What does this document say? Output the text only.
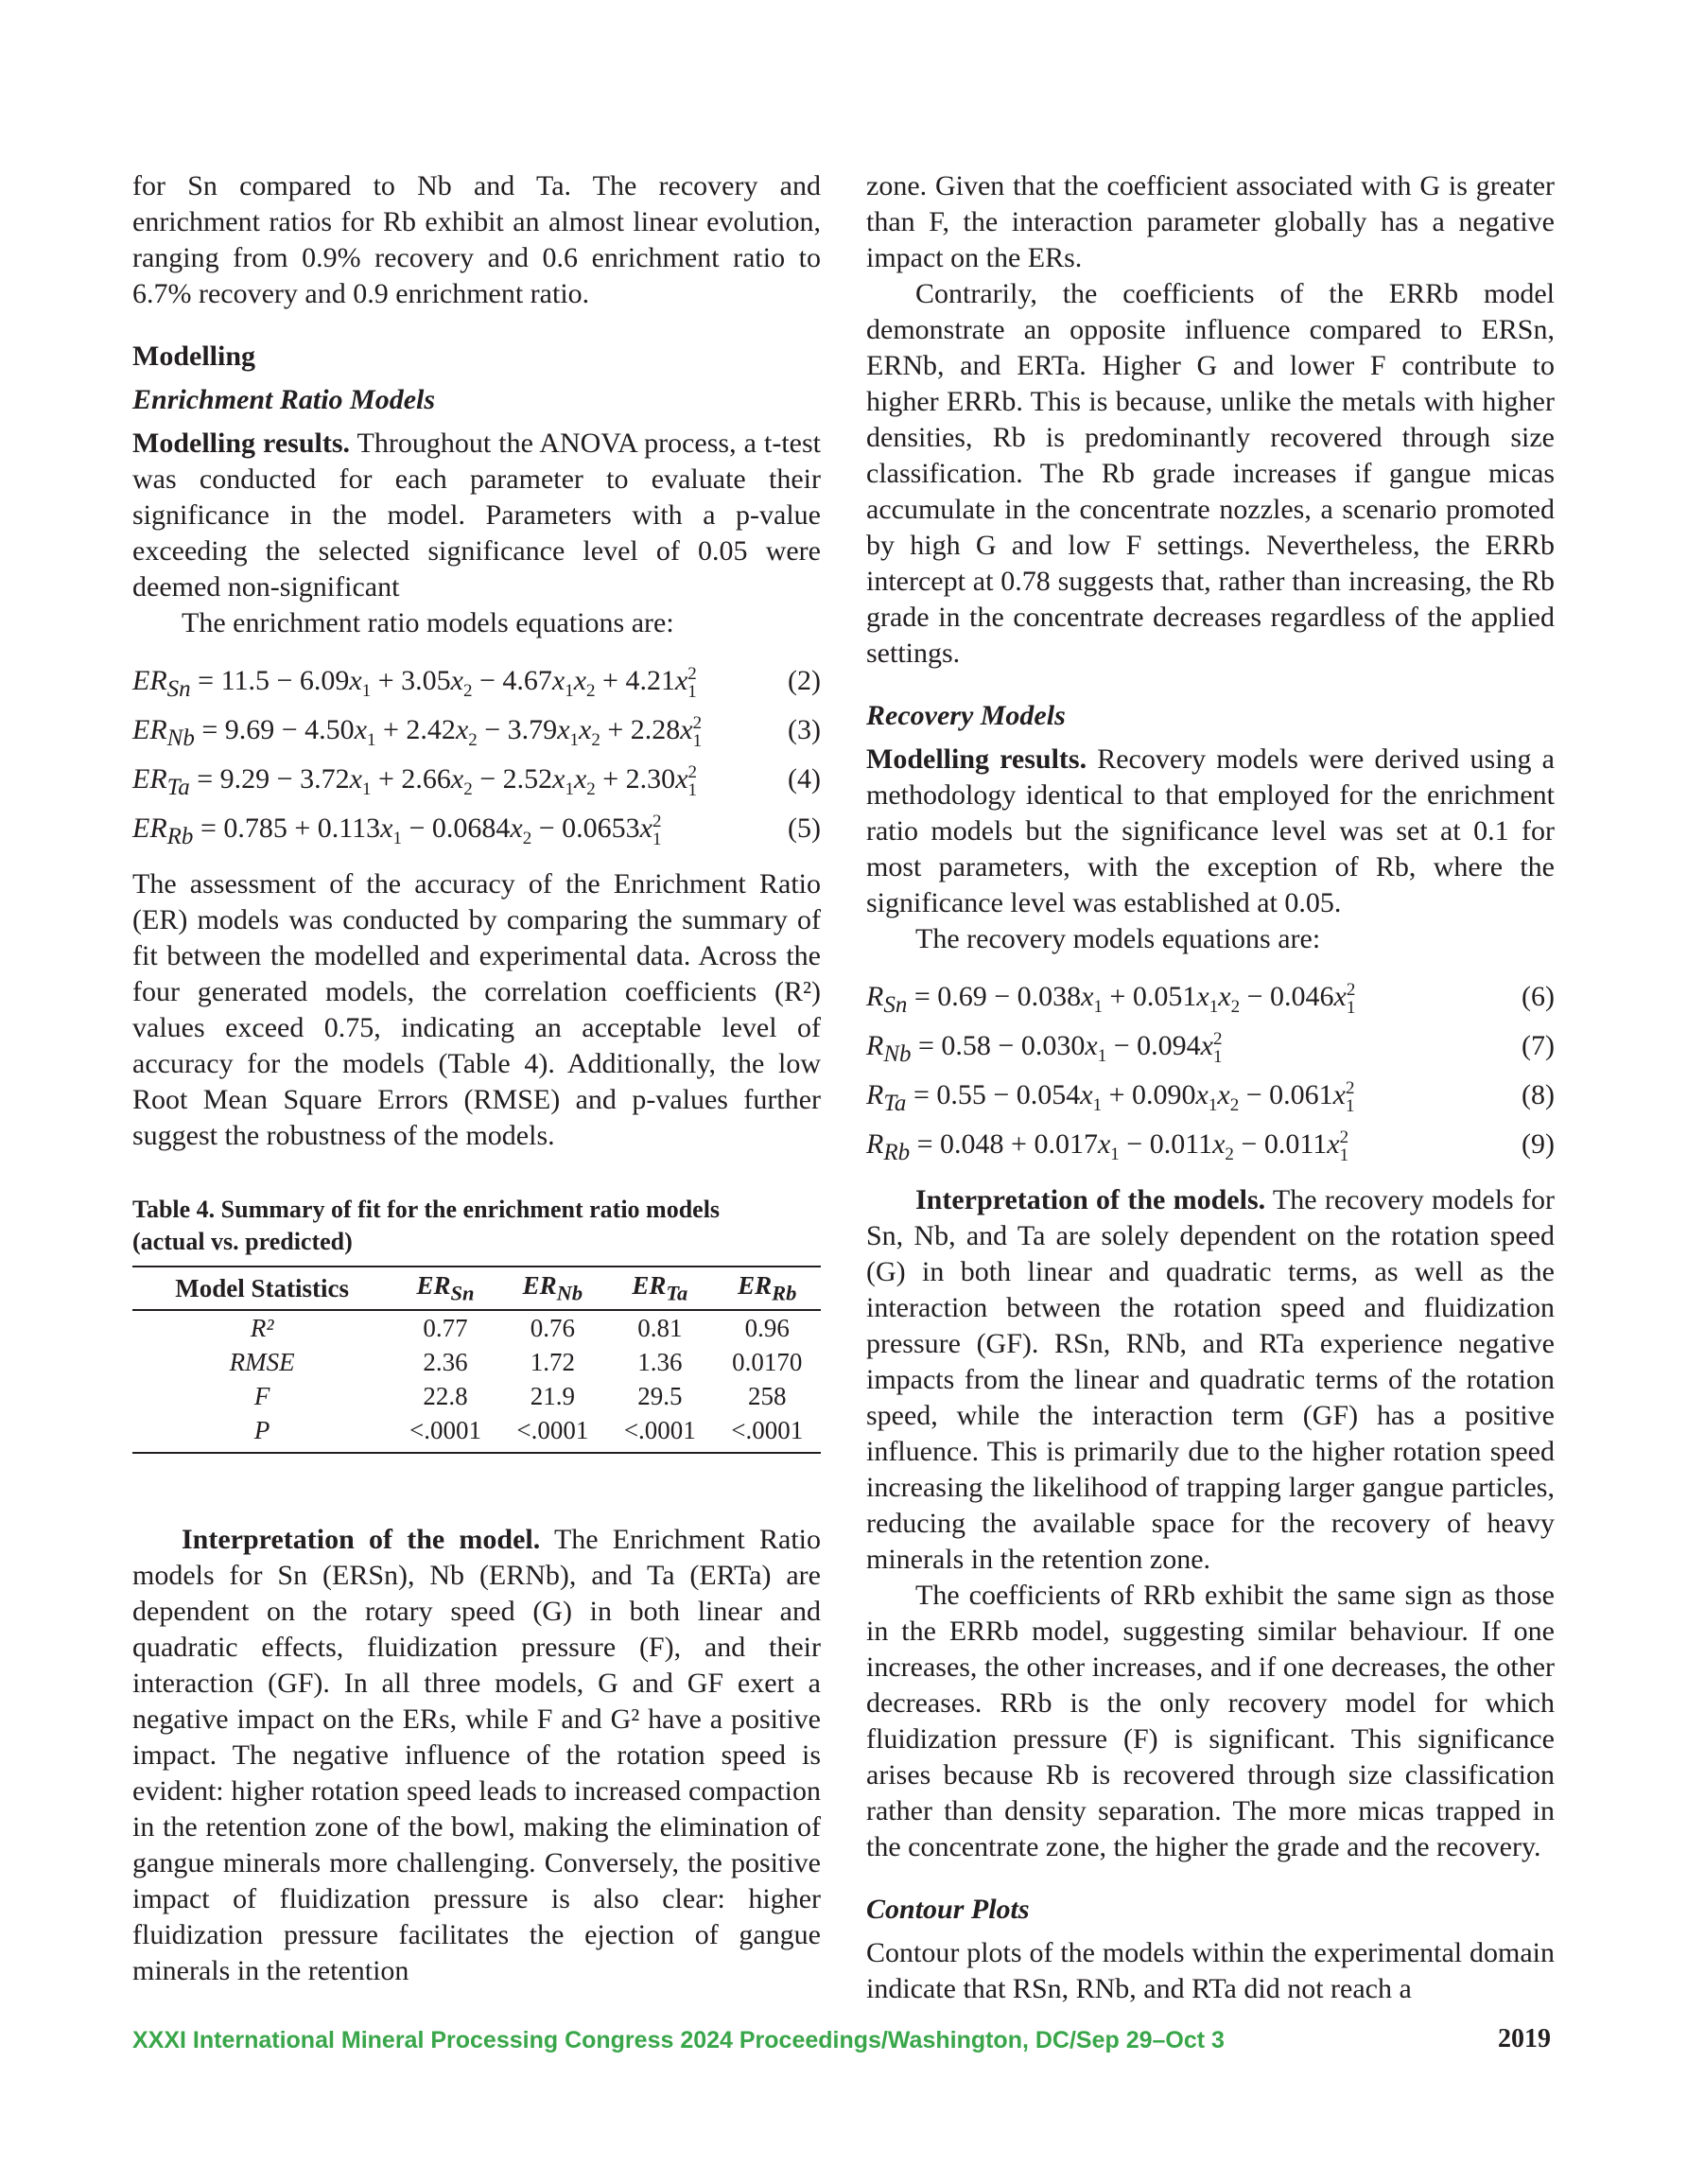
for Sn compared to Nb and Ta. The recovery and enrichment ratios for Rb exhibit an almost linear evolution, ranging from 0.9% recovery and 0.6 enrichment ratio to 6.7% recovery and 0.9 enrichment ratio.

Modelling
Enrichment Ratio Models

Modelling results. Throughout the ANOVA process, a t-test was conducted for each parameter to evaluate their significance in the model. Parameters with a p-value exceeding the selected significance level of 0.05 were deemed non-significant

The enrichment ratio models equations are:

$ER_{Sn} = 11.5 - 6.09x_1 + 3.05x_2 - 4.67x_1x_2 + 4.21x$ 2
1	(2)
$ER_{Nb} = 9.69 - 4.50x_1 + 2.42x_2 - 3.79x_1x_2 + 2.28x$ 2
1	(3)
$ER_{Ta} = 9.29 - 3.72x_1 + 2.66x_2 - 2.52x_1x_2 + 2.30x$ 2
1	(4)
$ER_{Rb} = 0.785 + 0.113x_1 - 0.0684x_2 - 0.0653x$ 2
1	(5)

The assessment of the accuracy of the Enrichment Ratio (ER) models was conducted by comparing the summary of fit between the modelled and experimental data. Across the four generated models, the correlation coefficients (R²) values exceed 0.75, indicating an acceptable level of accuracy for the models (Table 4). Additionally, the low Root Mean Square Errors (RMSE) and p-values further suggest the robustness of the models.

Table 4. Summary of fit for the enrichment ratio models
(actual vs. predicted)
Model Statistics	$ER_{Sn}$	$ER_{Nb}$	$ER_{Ta}$	$ER_{Rb}$
R²	0.77	0.76	0.81	0.96
RMSE	2.36	1.72	1.36	0.0170
F	22.8	21.9	29.5	258
P	<.0001	<.0001	<.0001	<.0001

Interpretation of the model. The Enrichment Ratio models for Sn (ERSn), Nb (ERNb), and Ta (ERTa) are dependent on the rotary speed (G) in both linear and quadratic effects, fluidization pressure (F), and their interaction (GF). In all three models, G and GF exert a negative impact on the ERs, while F and G² have a positive impact. The negative influence of the rotation speed is evident: higher rotation speed leads to increased compaction in the retention zone of the bowl, making the elimination of gangue minerals more challenging. Conversely, the positive impact of fluidization pressure is also clear: higher fluidization pressure facilitates the ejection of gangue minerals in the retention

zone. Given that the coefficient associated with G is greater than F, the interaction parameter globally has a negative impact on the ERs.

Contrarily, the coefficients of the ERRb model demonstrate an opposite influence compared to ERSn, ERNb, and ERTa. Higher G and lower F contribute to higher ERRb. This is because, unlike the metals with higher densities, Rb is predominantly recovered through size classification. The Rb grade increases if gangue micas accumulate in the concentrate nozzles, a scenario promoted by high G and low F settings. Nevertheless, the ERRb intercept at 0.78 suggests that, rather than increasing, the Rb grade in the concentrate decreases regardless of the applied settings.

Recovery Models

Modelling results. Recovery models were derived using a methodology identical to that employed for the enrichment ratio models but the significance level was set at 0.1 for most parameters, with the exception of Rb, where the significance level was established at 0.05.

The recovery models equations are:

$R_{Sn} = 0.69 - 0.038x_1 + 0.051x_1x_2 - 0.046x$ 2
1	(6)
$R_{Nb} = 0.58 - 0.030x_1 - 0.094x$ 2
1	(7)
$R_{Ta} = 0.55 - 0.054x_1 + 0.090x_1x_2 - 0.061x$ 2
1	(8)
$R_{Rb} = 0.048 + 0.017x_1 - 0.011x_2 - 0.011x$ 2
1	(9)

Interpretation of the models. The recovery models for Sn, Nb, and Ta are solely dependent on the rotation speed (G) in both linear and quadratic terms, as well as the interaction between the rotation speed and fluidization pressure (GF). RSn, RNb, and RTa experience negative impacts from the linear and quadratic terms of the rotation speed, while the interaction term (GF) has a positive influence. This is primarily due to the higher rotation speed increasing the likelihood of trapping larger gangue particles, reducing the available space for the recovery of heavy minerals in the retention zone.

The coefficients of RRb exhibit the same sign as those in the ERRb model, suggesting similar behaviour. If one increases, the other increases, and if one decreases, the other decreases. RRb is the only recovery model for which fluidization pressure (F) is significant. This significance arises because Rb is recovered through size classification rather than density separation. The more micas trapped in the concentrate zone, the higher the grade and the recovery.

Contour Plots

Contour plots of the models within the experimental domain indicate that RSn, RNb, and RTa did not reach a

XXXI International Mineral Processing Congress 2024 Proceedings/Washington, DC/Sep 29–Oct 3	2019
